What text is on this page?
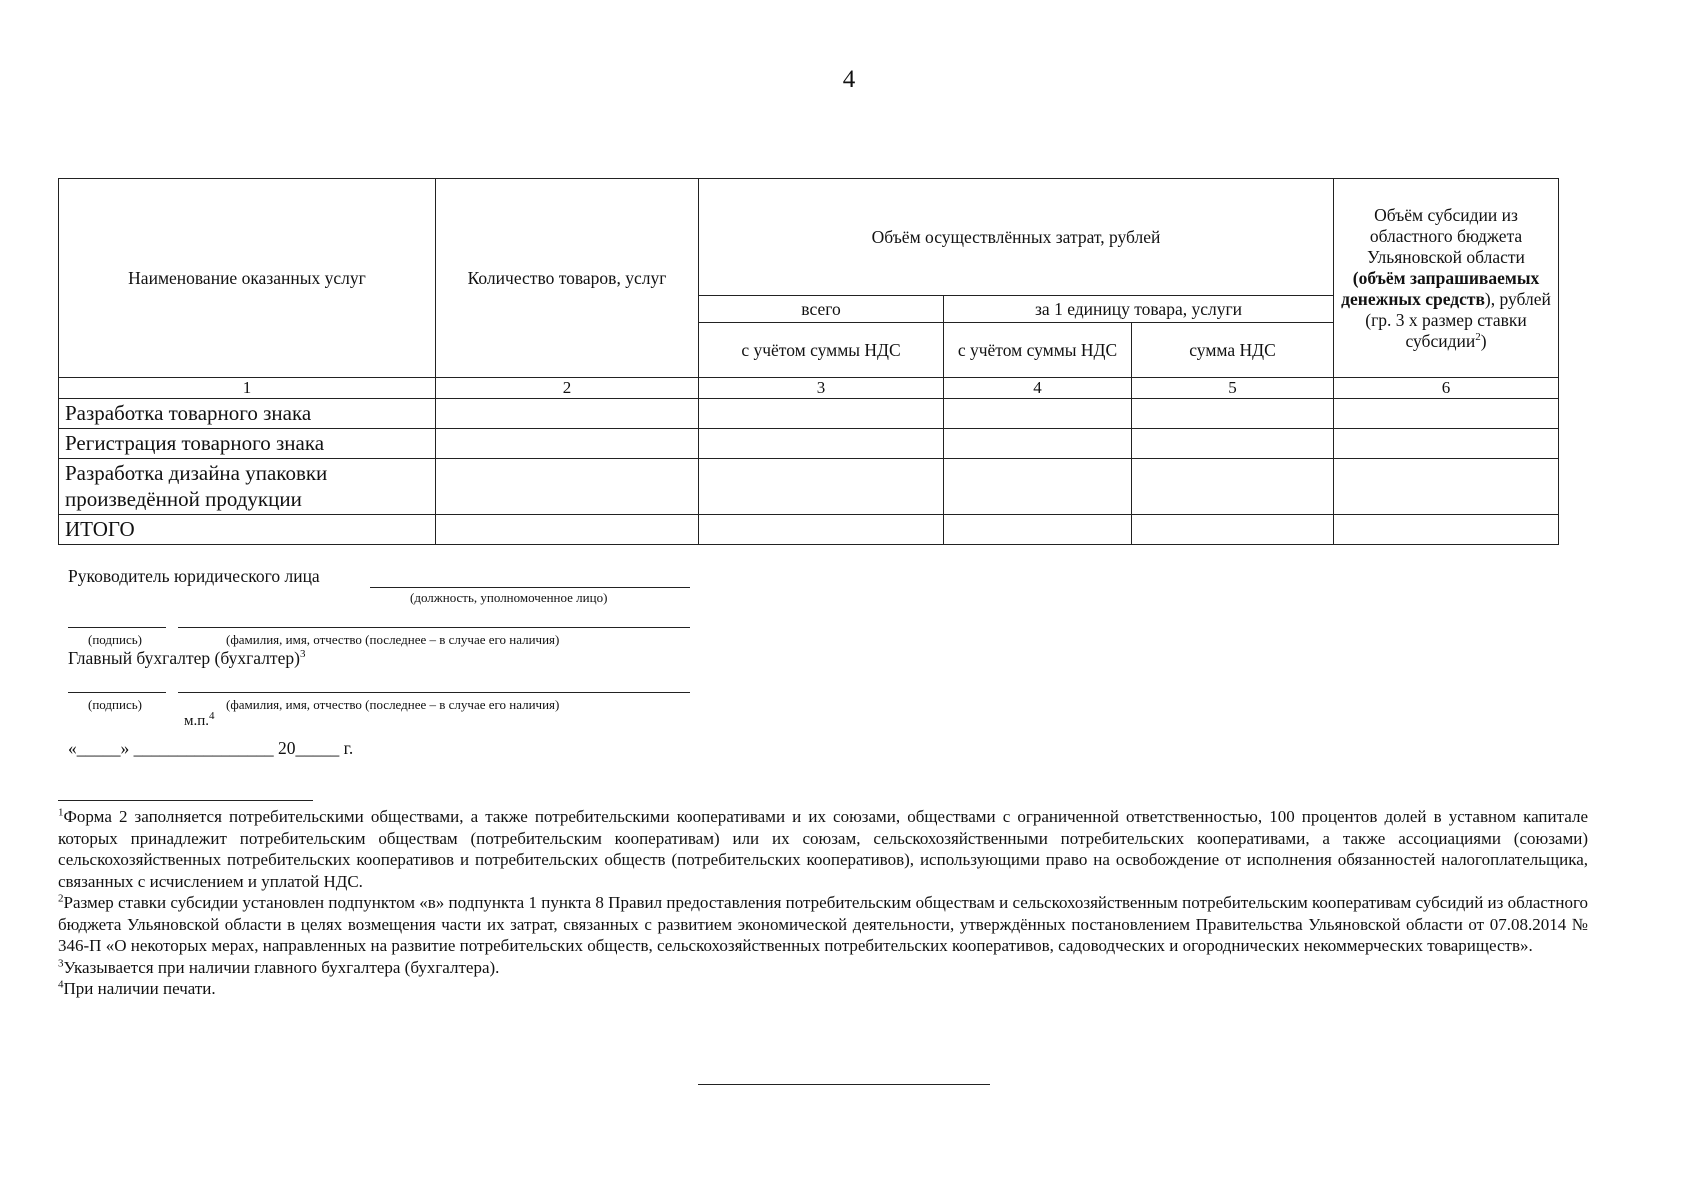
4
Наименование оказанных услуг	Количество товаров, услуг	Объём осуществлённых затрат, рублей			Объём субсидии из областного бюджета Ульяновской области (объём запрашиваемых денежных средств), рублей (гр. 3 х размер ставки субсидии$^2$)
		всего	за 1 единицу товара, услуги		
		с учётом суммы НДС	с учётом суммы НДС	сумма НДС	
1	2	3	4	5	6
Разработка товарного знака					
Регистрация товарного знака					
Разработка дизайна упаковки произведённой продукции					
ИТОГО					
Руководитель юридического лица
(должность, уполномоченное лицо)
(подпись)	(фамилия, имя, отчество (последнее – в случае его наличия)
Главный бухгалтер (бухгалтер)$^3$
(подпись)	(фамилия, имя, отчество (последнее – в случае его наличия)
м.п.$^4$
«_____» ________________ 20_____ г.

$^1$Форма 2 заполняется потребительскими обществами, а также потребительскими кооперативами и их союзами, обществами с ограниченной ответственностью, 100 процентов долей в уставном капитале которых принадлежит потребительским обществам (потребительским кооперативам) или их союзам, сельскохозяйственными потребительских кооперативами, а также ассоциациями (союзами) сельскохозяйственных потребительских кооперативов и потребительских обществ (потребительских кооперативов), использующими право на освобождение от исполнения обязанностей налогоплательщика, связанных с исчислением и уплатой НДС.

$^2$Размер ставки субсидии установлен подпунктом «в» подпункта 1 пункта 8 Правил предоставления потребительским обществам и сельскохозяйственным потребительским кооперативам субсидий из областного бюджета Ульяновской области в целях возмещения части их затрат, связанных с развитием экономической деятельности, утверждённых постановлением Правительства Ульяновской области от 07.08.2014 № 346-П «О некоторых мерах, направленных на развитие потребительских обществ, сельскохозяйственных потребительских кооперативов, садоводческих и огороднических некоммерческих товариществ».

$^3$Указывается при наличии главного бухгалтера (бухгалтера).

$^4$При наличии печати.
